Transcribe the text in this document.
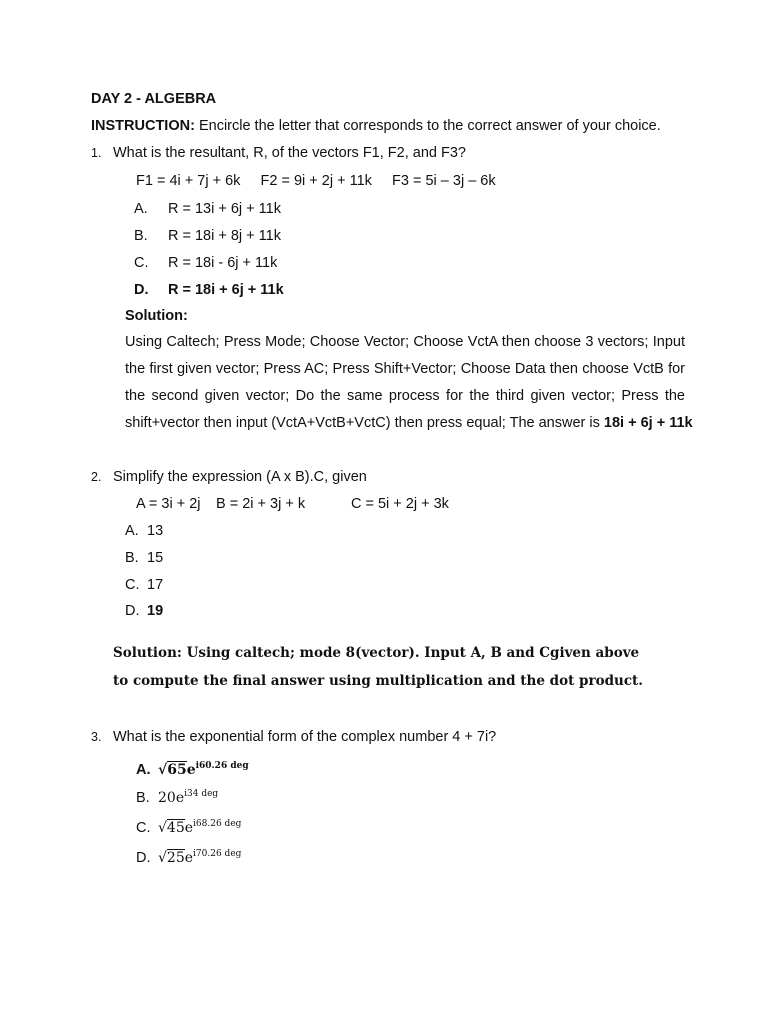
DAY 2 - ALGEBRA
INSTRUCTION: Encircle the letter that corresponds to the correct answer of your choice.
1. What is the resultant, R, of the vectors F1, F2, and F3?
F1 = 4i + 7j + 6k     F2 = 9i + 2j + 11k     F3 = 5i – 3j – 6k
A. R = 13i + 6j + 11k
B. R = 18i + 8j + 11k
C. R = 18i - 6j + 11k
D. R = 18i + 6j + 11k
Solution:
Using Caltech; Press Mode; Choose Vector; Choose VctA then choose 3 vectors; Input
the first given vector; Press AC; Press Shift+Vector; Choose Data then choose VctB for
the second given vector; Do the same process for the third given vector; Press the
shift+vector then input (VctA+VctB+VctC) then press equal; The answer is 18i + 6j + 11k
2. Simplify the expression (A x B).C, given
A = 3i + 2j B = 2i + 3j + k	C = 5i + 2j + 3k
A. 13
B. 15
C. 17
D. 19
Solution: Using caltech; mode 8(vector). Input A, B and Cgiven above
to compute the final answer using multiplication and the dot product.
3. What is the exponential form of the complex number 4 + 7i?
A. $√65e^{i60.26 deg}$
B. $20e^{i34 deg}$
C. $√45e^{i68.26 deg}$
D. $√25e^{i70.26 deg}$
